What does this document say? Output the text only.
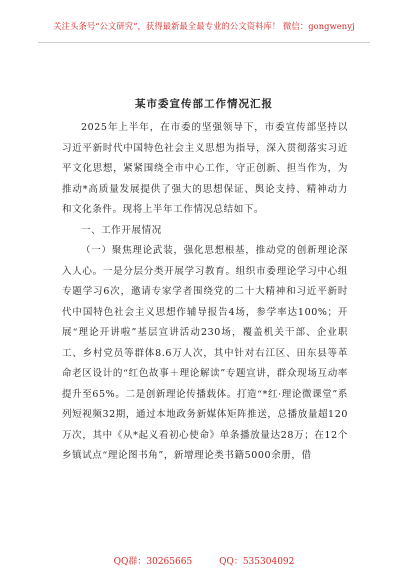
关注头条号“公文研究”，获得最新最全最专业的公文资料库！ 微信：gongwenyj
某市委宣传部工作情况汇报

2025年上半年，在市委的坚强领导下，市委宣传部坚持以习近平新时代中国特色社会主义思想为指导，深入贯彻落实习近平文化思想，紧紧围绕全市中心工作，守正创新、担当作为，为推动*高质量发展提供了强大的思想保证、舆论支持、精神动力和文化条件。现将上半年工作情况总结如下。

一、工作开展情况

（一）聚焦理论武装，强化思想根基，推动党的创新理论深入人心。一是分层分类开展学习教育。组织市委理论学习中心组专题学习6次，邀请专家学者围绕党的二十大精神和习近平新时代中国特色社会主义思想作辅导报告4场，参学率达100%；开展“理论开讲啦”基层宣讲活动230场，覆盖机关干部、企业职工、乡村党员等群体8.6万人次，其中针对右江区、田东县等革命老区设计的“红色故事＋理论解读”专题宣讲，群众现场互动率提升至65%。二是创新理论传播载体。打造“*红·理论微课堂”系列短视频32期，通过本地政务新媒体矩阵推送，总播放量超120万次，其中《从*起义看初心使命》单条播放量达28万；在12个乡镇试点“理论图书角”，新增理论类书籍5000余册，借

QQ群：30265665	QQ：535304092
